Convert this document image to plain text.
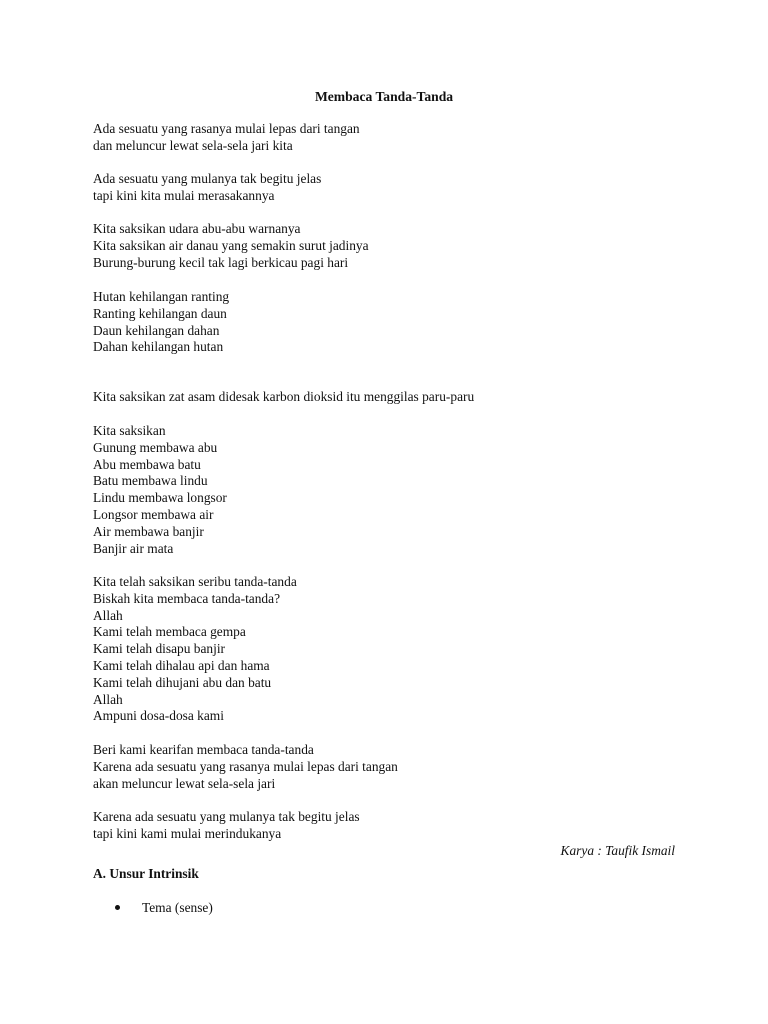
Membaca Tanda-Tanda
Ada sesuatu yang rasanya mulai lepas dari tangan
dan meluncur lewat sela-sela jari kita
Ada sesuatu yang mulanya tak begitu jelas
tapi kini kita mulai merasakannya
Kita saksikan udara abu-abu warnanya
Kita saksikan air danau yang semakin surut jadinya
Burung-burung kecil tak lagi berkicau pagi hari
Hutan kehilangan ranting
Ranting kehilangan daun
Daun kehilangan dahan
Dahan kehilangan hutan
Kita saksikan zat asam didesak karbon dioksid itu menggilas paru-paru
Kita saksikan
Gunung membawa abu
Abu membawa batu
Batu membawa lindu
Lindu membawa longsor
Longsor membawa air
Air membawa banjir
Banjir air mata
Kita telah saksikan seribu tanda-tanda
Biskah kita membaca tanda-tanda?
Allah
Kami telah membaca gempa
Kami telah disapu banjir
Kami telah dihalau api dan hama
Kami telah dihujani abu dan batu
Allah
Ampuni dosa-dosa kami
Beri kami kearifan membaca tanda-tanda
Karena ada sesuatu yang rasanya mulai lepas dari tangan
akan meluncur lewat sela-sela jari
Karena ada sesuatu yang mulanya tak begitu jelas
tapi kini kami mulai merindukanya
Karya : Taufik Ismail
A. Unsur Intrinsik
Tema (sense)
